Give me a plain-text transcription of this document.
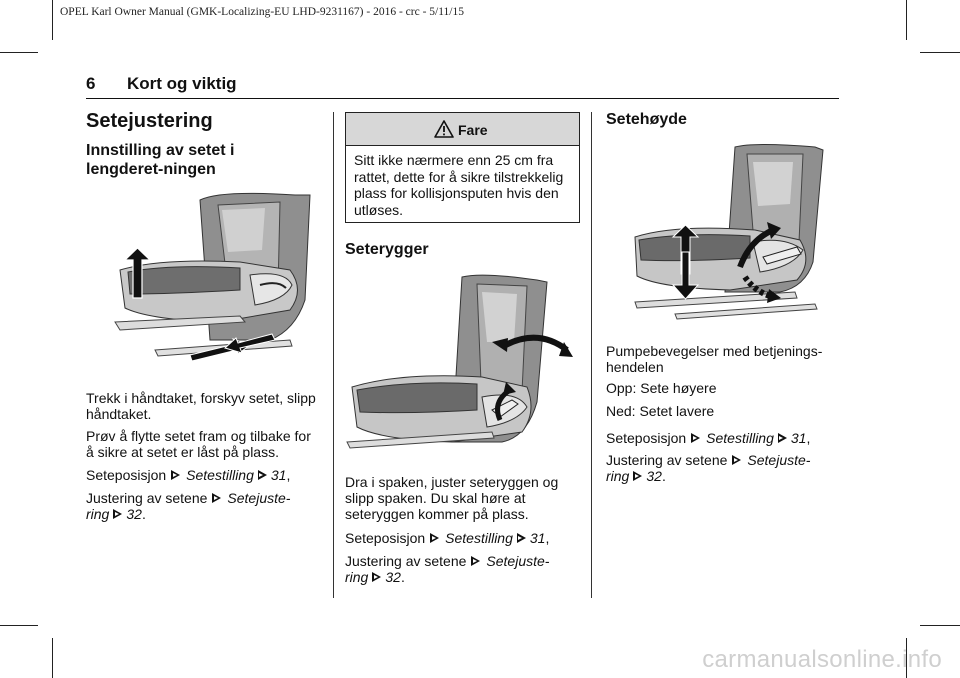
OPEL Karl Owner Manual (GMK-Localizing-EU LHD-9231167) - 2016 - crc - 5/11/15
6 Kort og viktig
Setejustering
Innstilling av setet i lengderet-ningen
Trekk i håndtaket, forskyv setet, slipp håndtaket.
Prøv å flytte setet fram og tilbake for å sikre at setet er låst på plass.
Seteposisjon Setestilling 31,
Justering av setene Setejuste-
ring 32.
Fare
Sitt ikke nærmere enn 25 cm fra rattet, dette for å sikre tilstrekkelig plass for kollisjonsputen hvis den utløses.
Seterygger
Dra i spaken, juster seteryggen og slipp spaken. Du skal høre at seteryggen kommer på plass.
Seteposisjon Setestilling 31,
Justering av setene Setejuste-
ring 32.
Setehøyde
Pumpebevegelser med betjenings-hendelen
Opp: Sete høyere
Ned: Setet lavere
Seteposisjon Setestilling 31,
Justering av setene Setejuste-
ring 32.
carmanualsonline.info
